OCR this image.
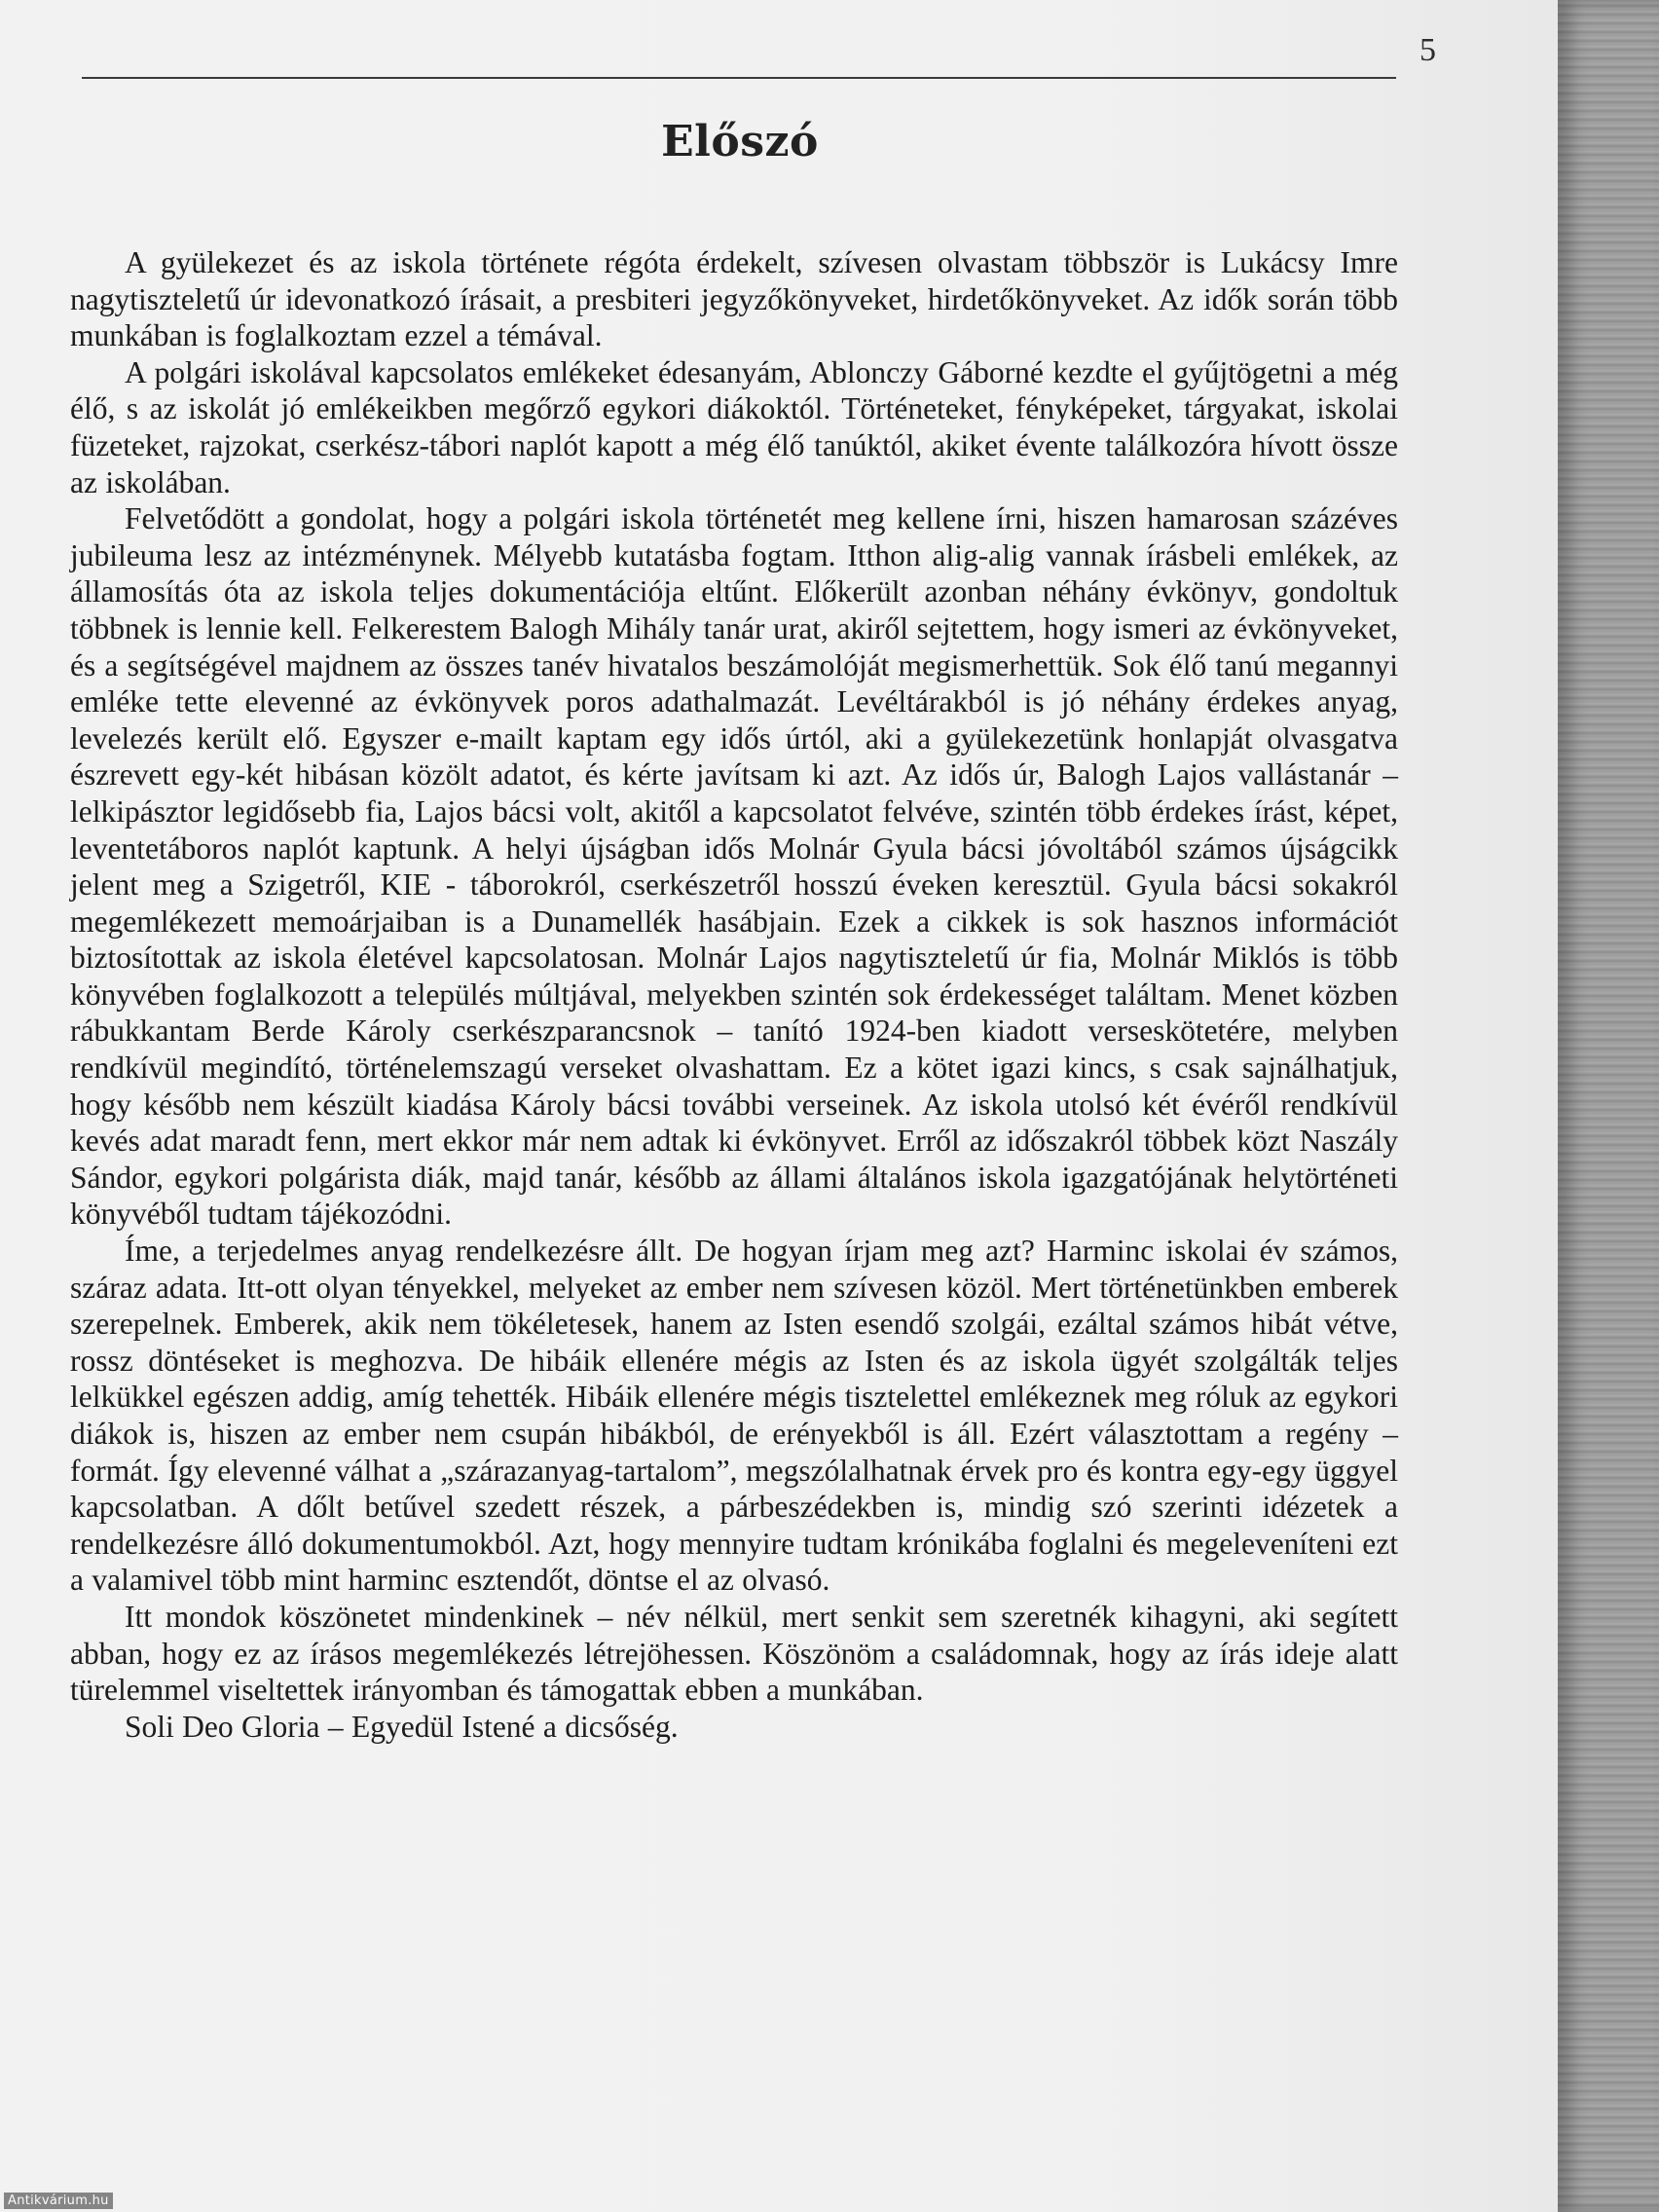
5
Előszó

A gyülekezet és az iskola története régóta érdekelt, szívesen olvastam többször is Lukácsy Imre nagytiszteletű úr idevonatkozó írásait, a presbiteri jegyzőkönyveket, hirdetőkönyveket. Az idők során több munkában is foglalkoztam ezzel a témával.

A polgári iskolával kapcsolatos emlékeket édesanyám, Ablonczy Gáborné kezdte el gyűjtögetni a még élő, s az iskolát jó emlékeikben megőrző egykori diákoktól. Történeteket, fényképeket, tárgyakat, iskolai füzeteket, rajzokat, cserkész-tábori naplót kapott a még élő tanúktól, akiket évente találkozóra hívott össze az iskolában.

Felvetődött a gondolat, hogy a polgári iskola történetét meg kellene írni, hiszen hamarosan százéves jubileuma lesz az intézménynek. Mélyebb kutatásba fogtam. Itthon alig-alig vannak írásbeli emlékek, az államosítás óta az iskola teljes dokumentációja eltűnt. Előkerült azonban néhány évkönyv, gondoltuk többnek is lennie kell. Felkerestem Balogh Mihály tanár urat, akiről sejtettem, hogy ismeri az évkönyveket, és a segítségével majdnem az összes tanév hivatalos beszámolóját megismerhettük. Sok élő tanú megannyi emléke tette elevenné az évkönyvek poros adathalmazát. Levéltárakból is jó néhány érdekes anyag, levelezés került elő. Egyszer e-mailt kaptam egy idős úrtól, aki a gyülekezetünk honlapját olvasgatva észrevett egy-két hibásan közölt adatot, és kérte javítsam ki azt. Az idős úr, Balogh Lajos vallástanár – lelkipásztor legidősebb fia, Lajos bácsi volt, akitől a kapcsolatot felvéve, szintén több érdekes írást, képet, leventetáboros naplót kaptunk. A helyi újságban idős Molnár Gyula bácsi jóvoltából számos újságcikk jelent meg a Szigetről, KIE - táborokról, cserkészetről hosszú éveken keresztül. Gyula bácsi sokakról megemlékezett memoárjaiban is a Dunamellék hasábjain. Ezek a cikkek is sok hasznos információt biztosítottak az iskola életével kapcsolatosan. Molnár Lajos nagytiszteletű úr fia, Molnár Miklós is több könyvében foglalkozott a település múltjával, melyekben szintén sok érdekességet találtam. Menet közben rábukkantam Berde Károly cserkészparancsnok – tanító 1924-ben kiadott verseskötetére, melyben rendkívül megindító, történelemszagú verseket olvashattam. Ez a kötet igazi kincs, s csak sajnálhatjuk, hogy később nem készült kiadása Károly bácsi további verseinek. Az iskola utolsó két évéről rendkívül kevés adat maradt fenn, mert ekkor már nem adtak ki évkönyvet. Erről az időszakról többek közt Naszály Sándor, egykori polgárista diák, majd tanár, később az állami általános iskola igazgatójának helytörténeti könyvéből tudtam tájékozódni.

Íme, a terjedelmes anyag rendelkezésre állt. De hogyan írjam meg azt? Harminc iskolai év számos, száraz adata. Itt-ott olyan tényekkel, melyeket az ember nem szívesen közöl. Mert történetünkben emberek szerepelnek. Emberek, akik nem tökéletesek, hanem az Isten esendő szolgái, ezáltal számos hibát vétve, rossz döntéseket is meghozva. De hibáik ellenére mégis az Isten és az iskola ügyét szolgálták teljes lelkükkel egészen addig, amíg tehették. Hibáik ellenére mégis tisztelettel emlékeznek meg róluk az egykori diákok is, hiszen az ember nem csupán hibákból, de erényekből is áll. Ezért választottam a regény – formát. Így elevenné válhat a „szárazanyag-tartalom”, megszólalhatnak érvek pro és kontra egy-egy üggyel kapcsolatban. A dőlt betűvel szedett részek, a párbeszédekben is, mindig szó szerinti idézetek a rendelkezésre álló dokumentumokból. Azt, hogy mennyire tudtam krónikába foglalni és megeleveníteni ezt a valamivel több mint harminc esztendőt, döntse el az olvasó.

Itt mondok köszönetet mindenkinek – név nélkül, mert senkit sem szeretnék kihagyni, aki segített abban, hogy ez az írásos megemlékezés létrejöhessen. Köszönöm a családomnak, hogy az írás ideje alatt türelemmel viseltettek irányomban és támogattak ebben a munkában.

Soli Deo Gloria – Egyedül Istené a dicsőség.

Antikvárium.hu
